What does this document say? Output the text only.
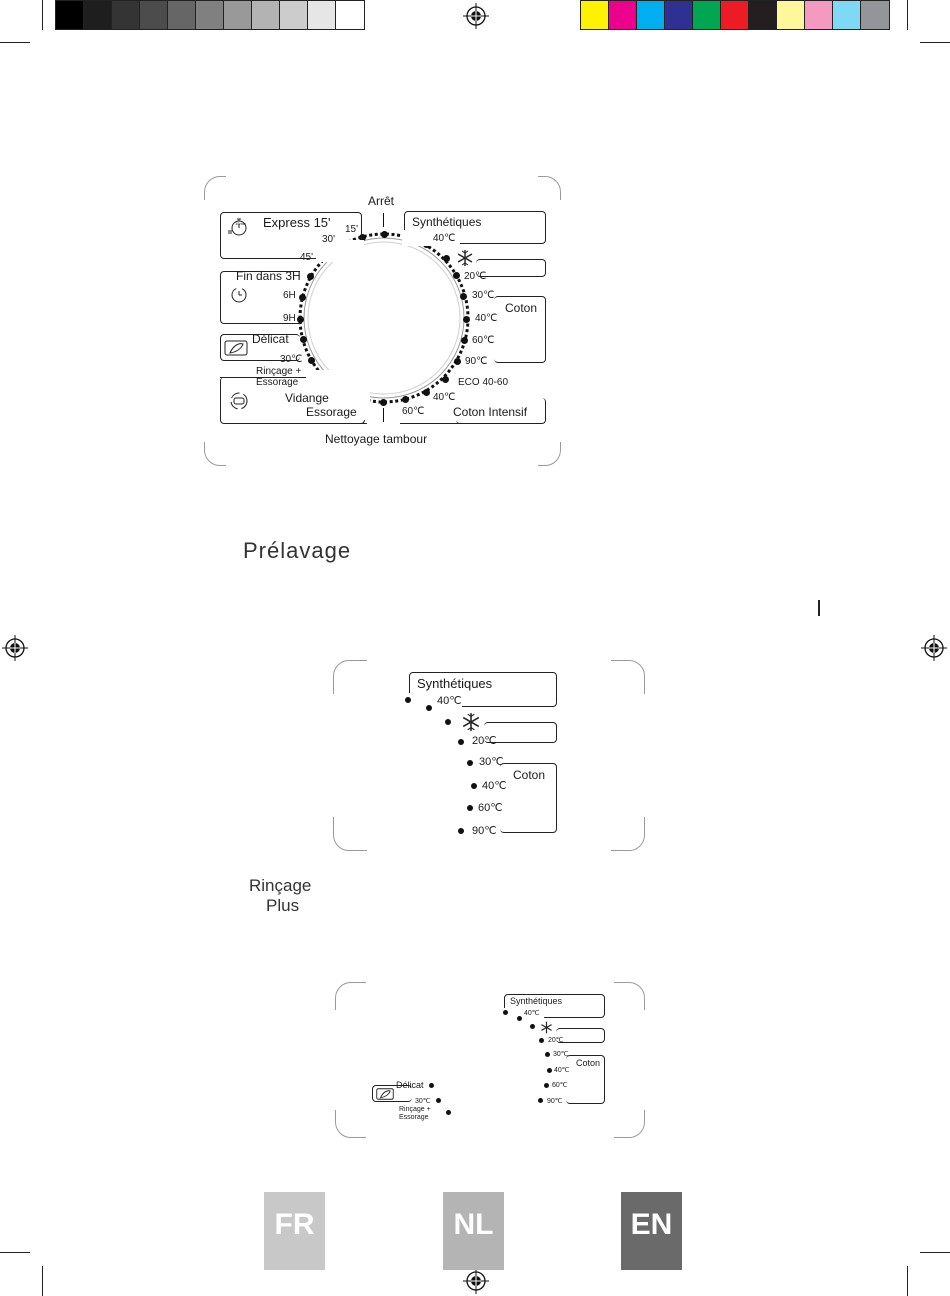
Arrêt
Nettoyage tambour
15min Express 15' 15'
30'
45'
Fin dans 3H
6H
9H
Délicat
30℃
Rinçage +
Essorage
Vidange
Essorage
Synthétiques
40℃
20℃
Coton
30℃
40℃
60℃
90℃
ECO 40-60
40℃
Coton Intensif
60℃
Prélavage
Synthétiques
40℃
20℃
Coton
30℃
40℃
60℃
90℃
Rinçage
Plus
Synthétiques
40℃
20℃
Coton
30℃
40℃
60℃
90℃
Délicat
30℃
Rinçage +
Essorage
FR	NL	EN
